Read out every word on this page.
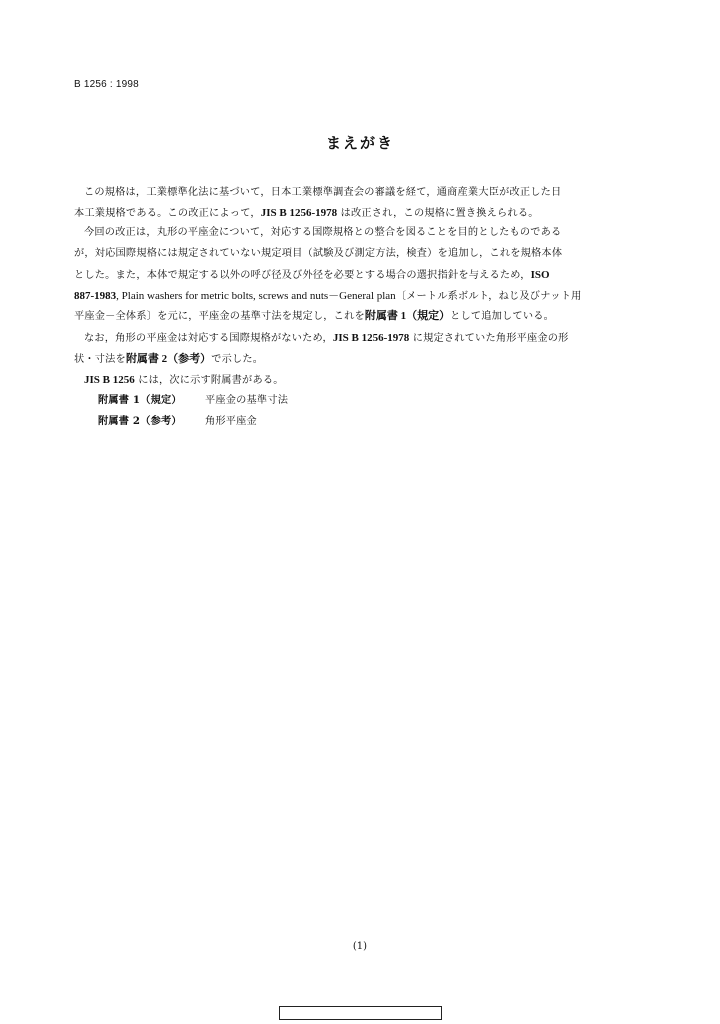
B 1256 : 1998
まえがき
この規格は，工業標準化法に基づいて，日本工業標準調査会の審議を経て，通商産業大臣が改正した日
本工業規格である。この改正によって，JIS B 1256-1978 は改正され，この規格に置き換えられる。
今回の改正は，丸形の平座金について，対応する国際規格との整合を図ることを目的としたものである
が，対応国際規格には規定されていない規定項目（試験及び測定方法，検査）を追加し，これを規格本体
とした。また，本体で規定する以外の呼び径及び外径を必要とする場合の選択指針を与えるため，ISO
887-1983, Plain washers for metric bolts, screws and nuts－General plan〔メートル系ボルト，ねじ及びナット用
平座金－全体系〕を元に，平座金の基準寸法を規定し，これを附属書 1（規定）として追加している。
なお，角形の平座金は対応する国際規格がないため，JIS B 1256-1978 に規定されていた角形平座金の形
状・寸法を附属書 2（参考）で示した。
JIS B 1256 には，次に示す附属書がある。
附属書 1（規定） 平座金の基準寸法
附属書 2（参考） 角形平座金
(1)
